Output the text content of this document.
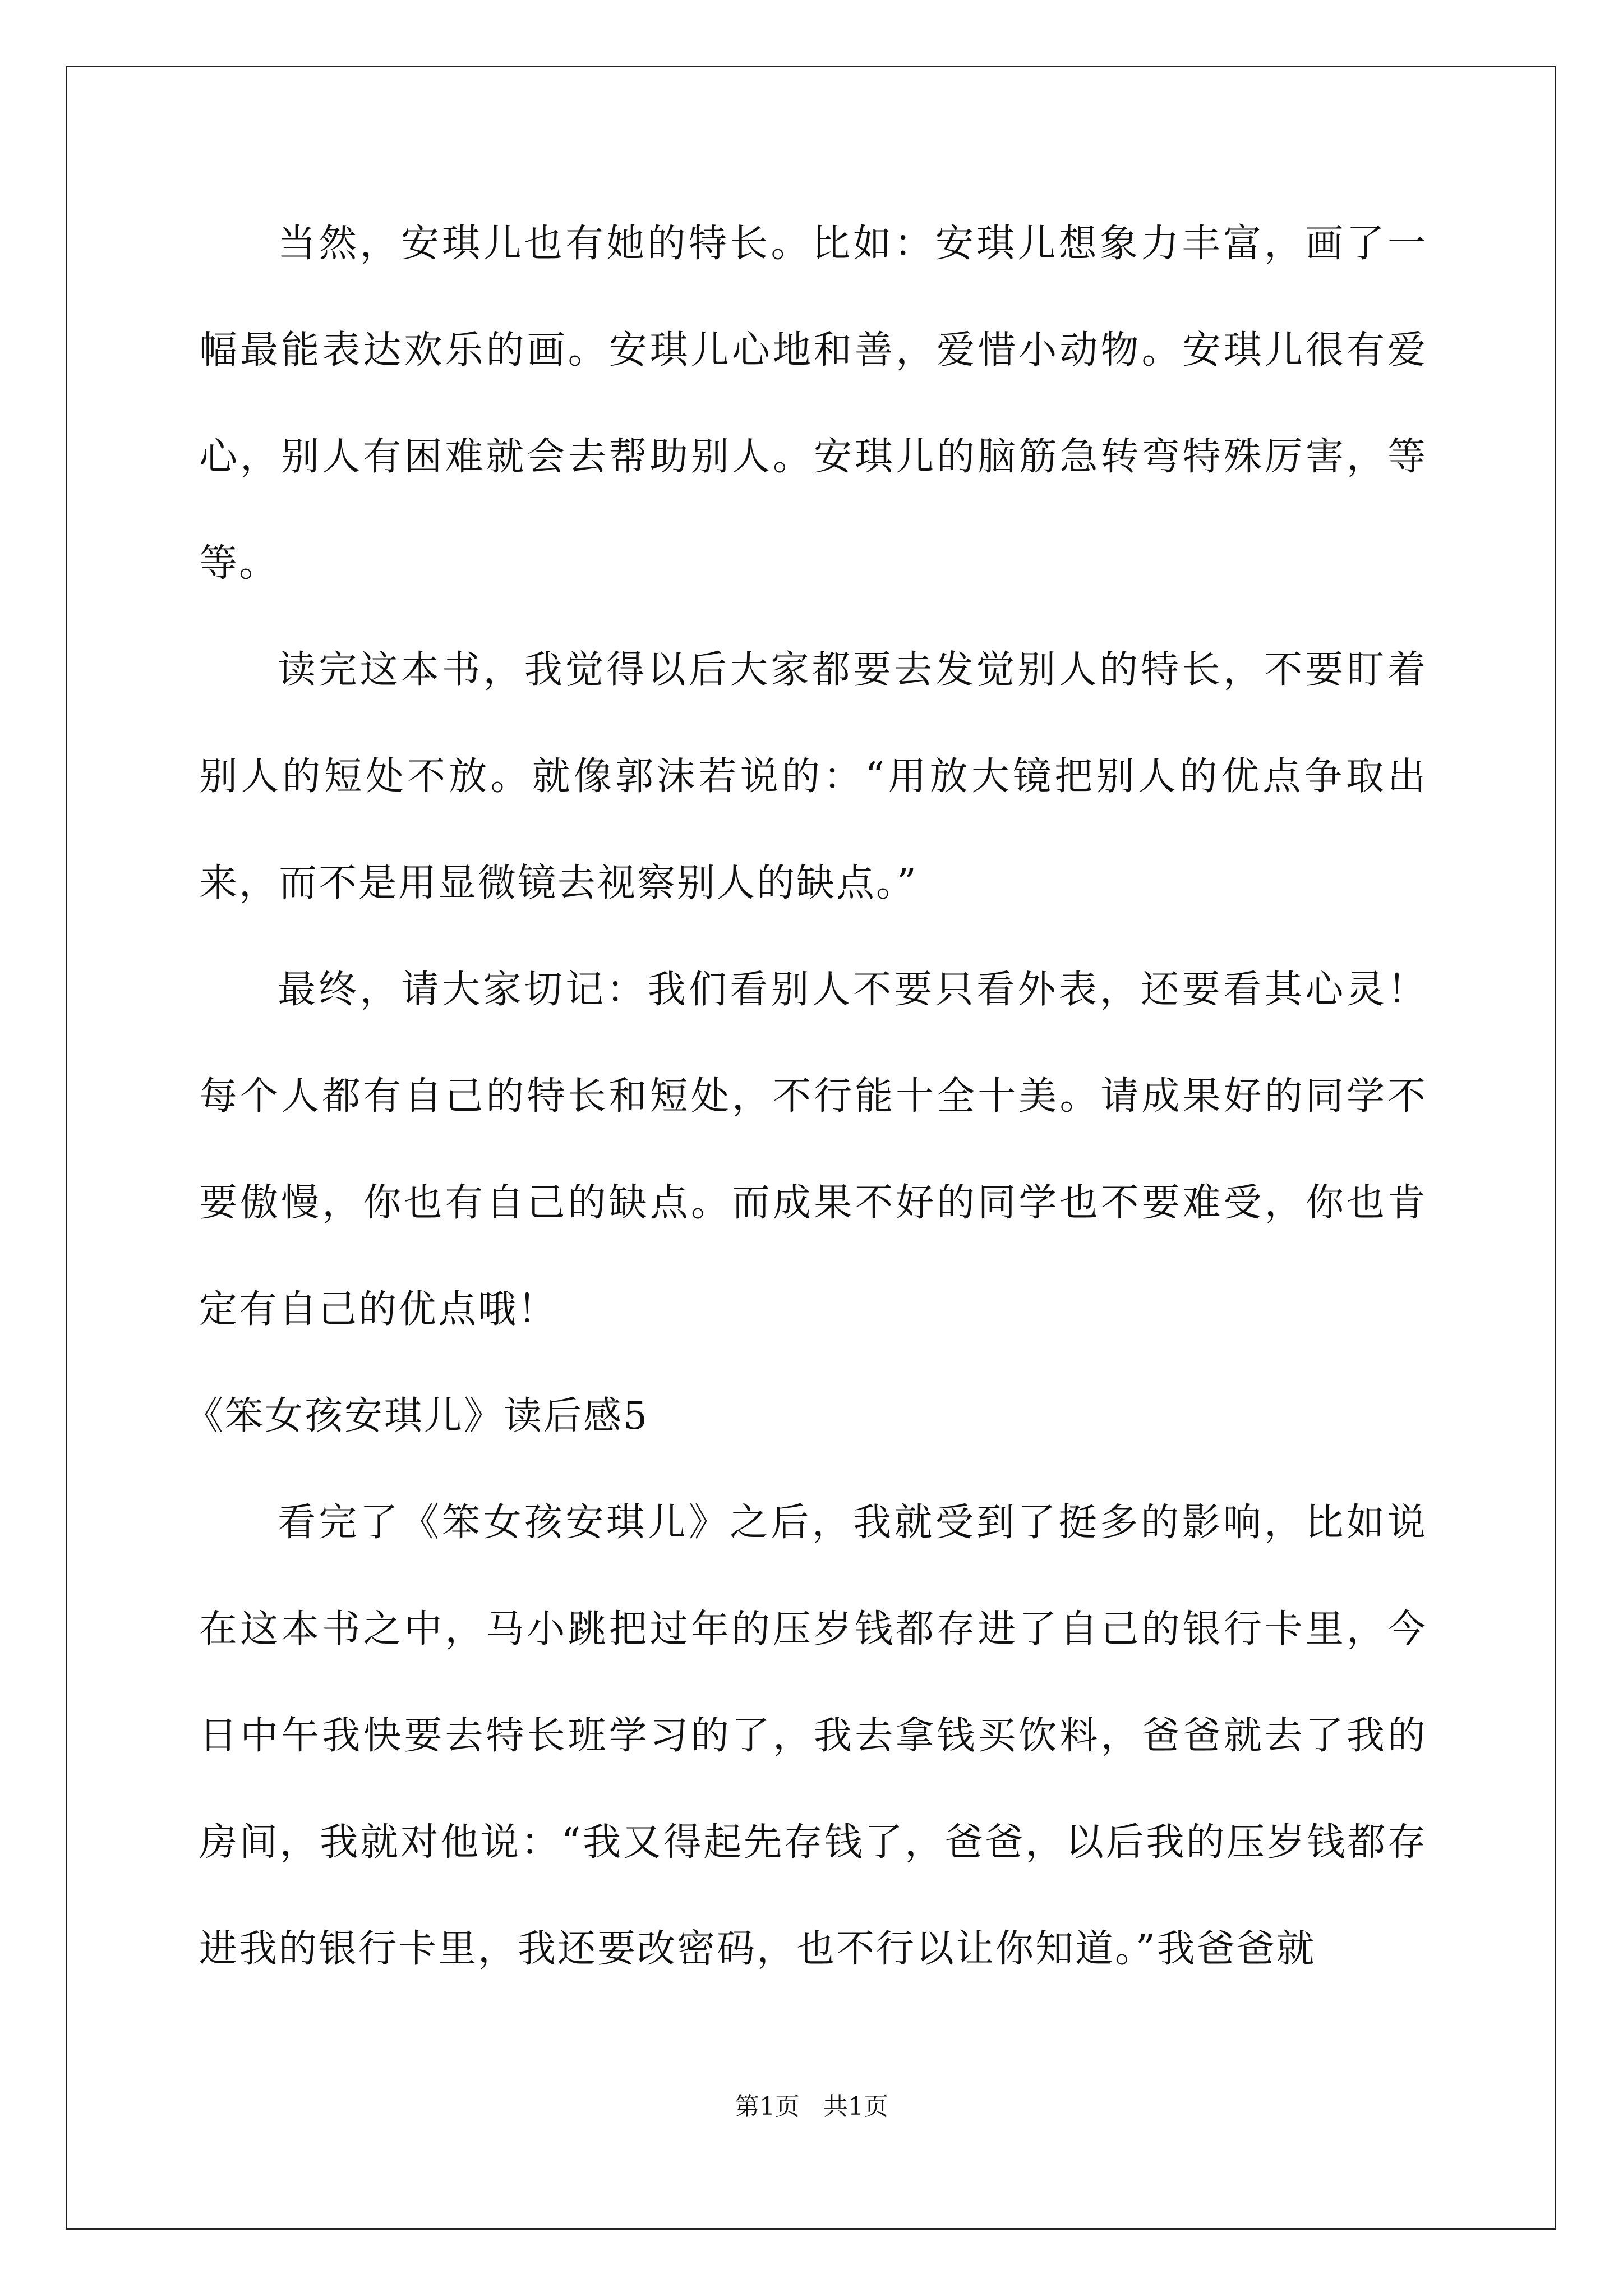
当然，安琪儿也有她的特长。比如：安琪儿想象力丰富，画了一幅最能表达欢乐的画。安琪儿心地和善，爱惜小动物。安琪儿很有爱心，别人有困难就会去帮助别人。安琪儿的脑筋急转弯特殊厉害，等等。

读完这本书，我觉得以后大家都要去发觉别人的特长，不要盯着别人的短处不放。就像郭沫若说的：“用放大镜把别人的优点争取出来，而不是用显微镜去视察别人的缺点。”

最终，请大家切记：我们看别人不要只看外表，还要看其心灵！每个人都有自己的特长和短处，不行能十全十美。请成果好的同学不要傲慢，你也有自己的缺点。而成果不好的同学也不要难受，你也肯定有自己的优点哦！

《笨女孩安琪儿》读后感5

看完了《笨女孩安琪儿》之后，我就受到了挺多的影响，比如说在这本书之中，马小跳把过年的压岁钱都存进了自己的银行卡里，今日中午我快要去特长班学习的了，我去拿钱买饮料，爸爸就去了我的房间，我就对他说：“我又得起先存钱了，爸爸，以后我的压岁钱都存进我的银行卡里，我还要改密码，也不行以让你知道。”我爸爸就

第1页   共1页
